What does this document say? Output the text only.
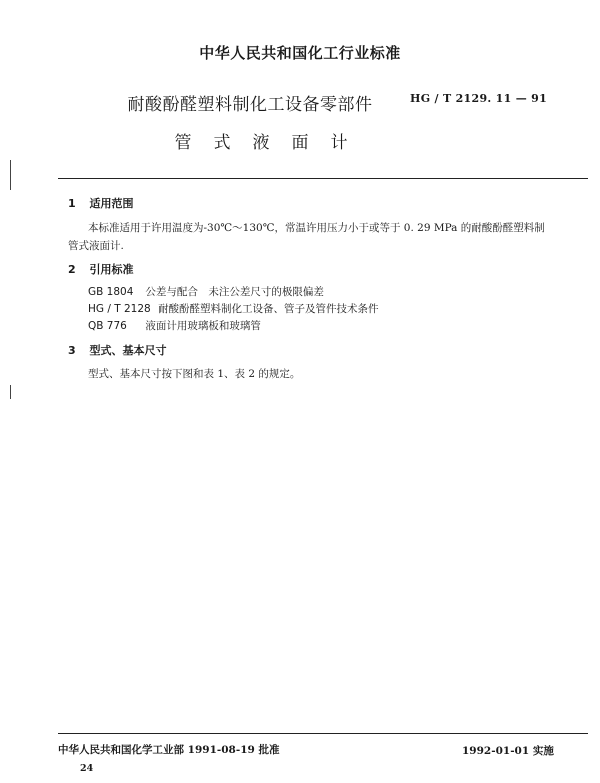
中华人民共和国化工行业标准
耐酸酚醛塑料制化工设备零部件	HG / T 2129. 11 — 91
管式液面计
1 适用范围
本标准适用于许用温度为-30℃～130℃，常温许用压力小于或等于 0. 29 MPa 的耐酸酚醛塑料制
管式液面计.
2 引用标准
GB 1804 公差与配合　未注公差尺寸的极限偏差
HG / T 2128 耐酸酚醛塑料制化工设备、管子及管件技术条件
QB 776 液面计用玻璃板和玻璃管
3 型式、基本尺寸
型式、基本尺寸按下图和表 1、表 2 的规定。
中华人民共和国化学工业部 1991-08-19 批准	1992-01-01 实施
24
